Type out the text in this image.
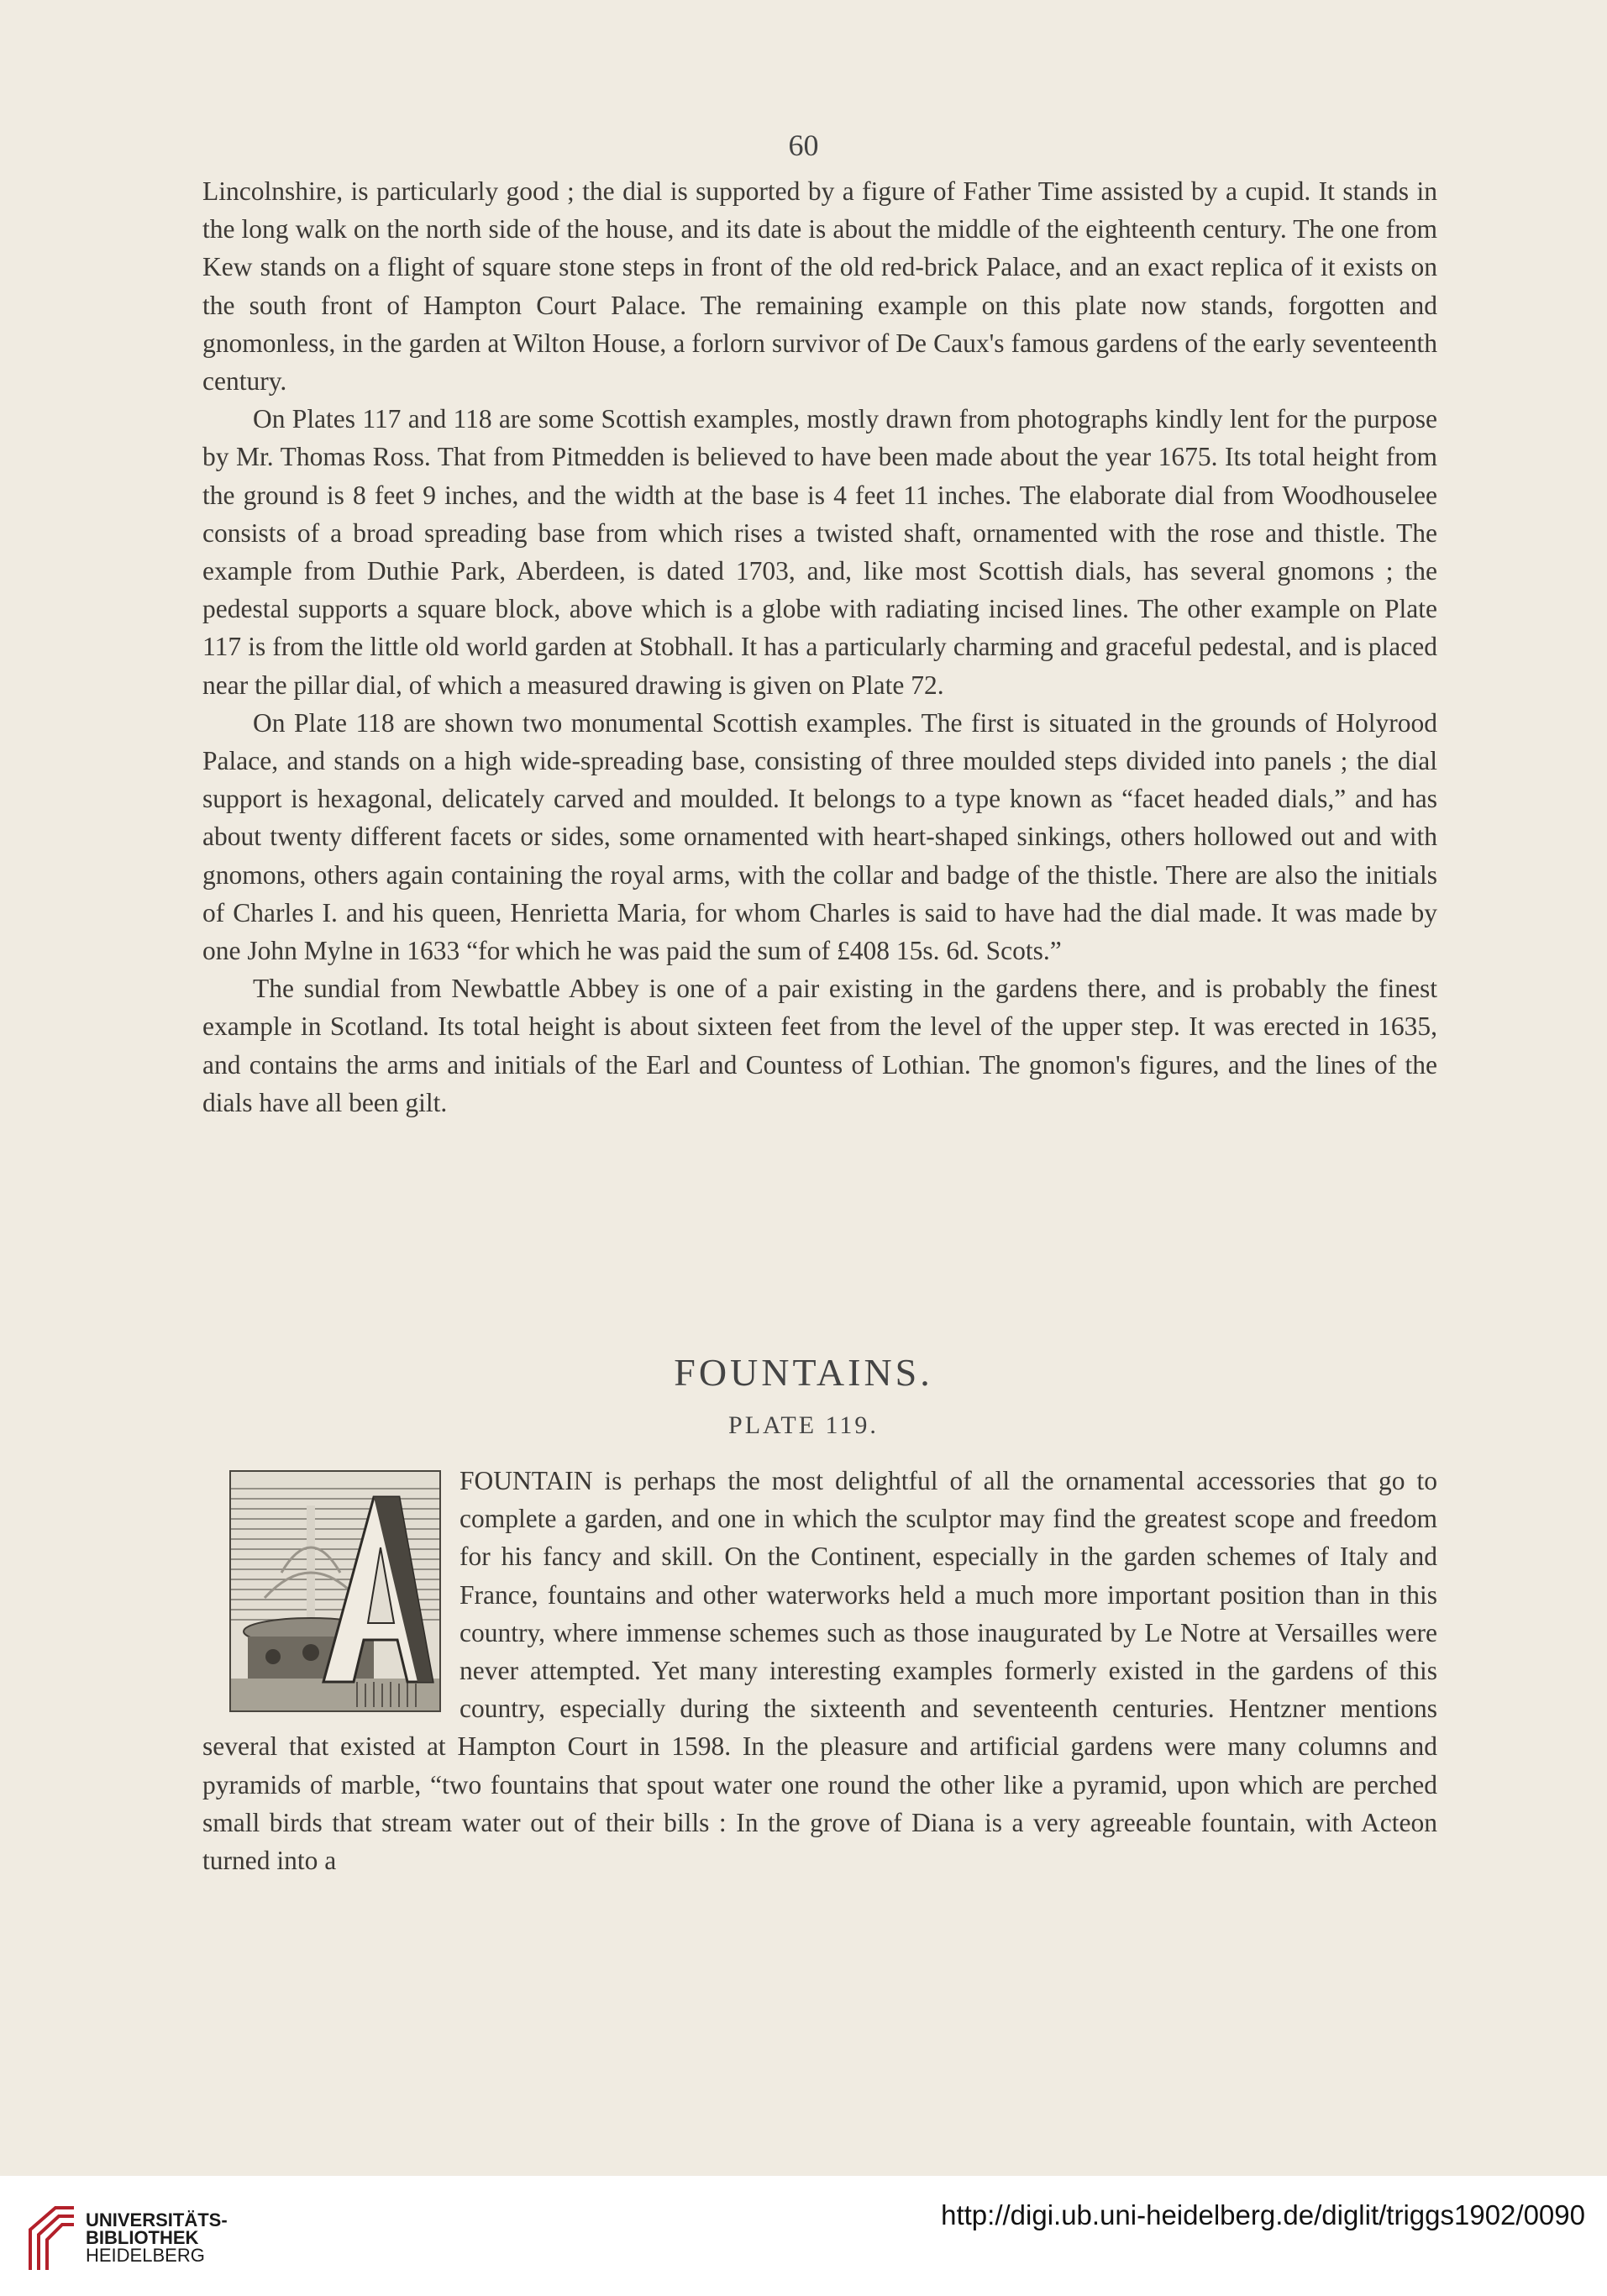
60

Lincolnshire, is particularly good ; the dial is supported by a figure of Father Time assisted by a cupid. It stands in the long walk on the north side of the house, and its date is about the middle of the eighteenth century. The one from Kew stands on a flight of square stone steps in front of the old red-brick Palace, and an exact replica of it exists on the south front of Hampton Court Palace. The remaining example on this plate now stands, forgotten and gnomonless, in the garden at Wilton House, a forlorn survivor of De Caux's famous gardens of the early seventeenth century.

On Plates 117 and 118 are some Scottish examples, mostly drawn from photographs kindly lent for the purpose by Mr. Thomas Ross. That from Pitmedden is believed to have been made about the year 1675. Its total height from the ground is 8 feet 9 inches, and the width at the base is 4 feet 11 inches. The elaborate dial from Woodhouselee consists of a broad spreading base from which rises a twisted shaft, ornamented with the rose and thistle. The example from Duthie Park, Aberdeen, is dated 1703, and, like most Scottish dials, has several gnomons ; the pedestal supports a square block, above which is a globe with radiating incised lines. The other example on Plate 117 is from the little old world garden at Stobhall. It has a particularly charming and graceful pedestal, and is placed near the pillar dial, of which a measured drawing is given on Plate 72.

On Plate 118 are shown two monumental Scottish examples. The first is situated in the grounds of Holyrood Palace, and stands on a high wide-spreading base, consisting of three moulded steps divided into panels ; the dial support is hexagonal, delicately carved and moulded. It belongs to a type known as “facet headed dials,” and has about twenty different facets or sides, some ornamented with heart-shaped sinkings, others hollowed out and with gnomons, others again containing the royal arms, with the collar and badge of the thistle. There are also the initials of Charles I. and his queen, Henrietta Maria, for whom Charles is said to have had the dial made. It was made by one John Mylne in 1633 “for which he was paid the sum of £408 15s. 6d. Scots.”

The sundial from Newbattle Abbey is one of a pair existing in the gardens there, and is probably the finest example in Scotland. Its total height is about sixteen feet from the level of the upper step. It was erected in 1635, and contains the arms and initials of the Earl and Countess of Lothian. The gnomon's figures, and the lines of the dials have all been gilt.

FOUNTAINS.
PLATE 119.
A

FOUNTAIN is perhaps the most delightful of all the ornamental accessories that go to complete a garden, and one in which the sculptor may find the greatest scope and freedom for his fancy and skill. On the Continent, especially in the garden schemes of Italy and France, fountains and other waterworks held a much more important position than in this country, where immense schemes such as those inaugurated by Le Notre at Versailles were never attempted. Yet many interesting examples formerly existed in the gardens of this country, especially during the sixteenth and seventeenth centuries. Hentzner mentions several that existed at Hampton Court in 1598. In the pleasure and artificial gardens were many columns and pyramids of marble, “two fountains that spout water one round the other like a pyramid, upon which are perched small birds that stream water out of their bills : In the grove of Diana is a very agreeable fountain, with Acteon turned into a

UNIVERSITÄTS-
BIBLIOTHEK
HEIDELBERG
http://digi.ub.uni-heidelberg.de/diglit/triggs1902/0090
